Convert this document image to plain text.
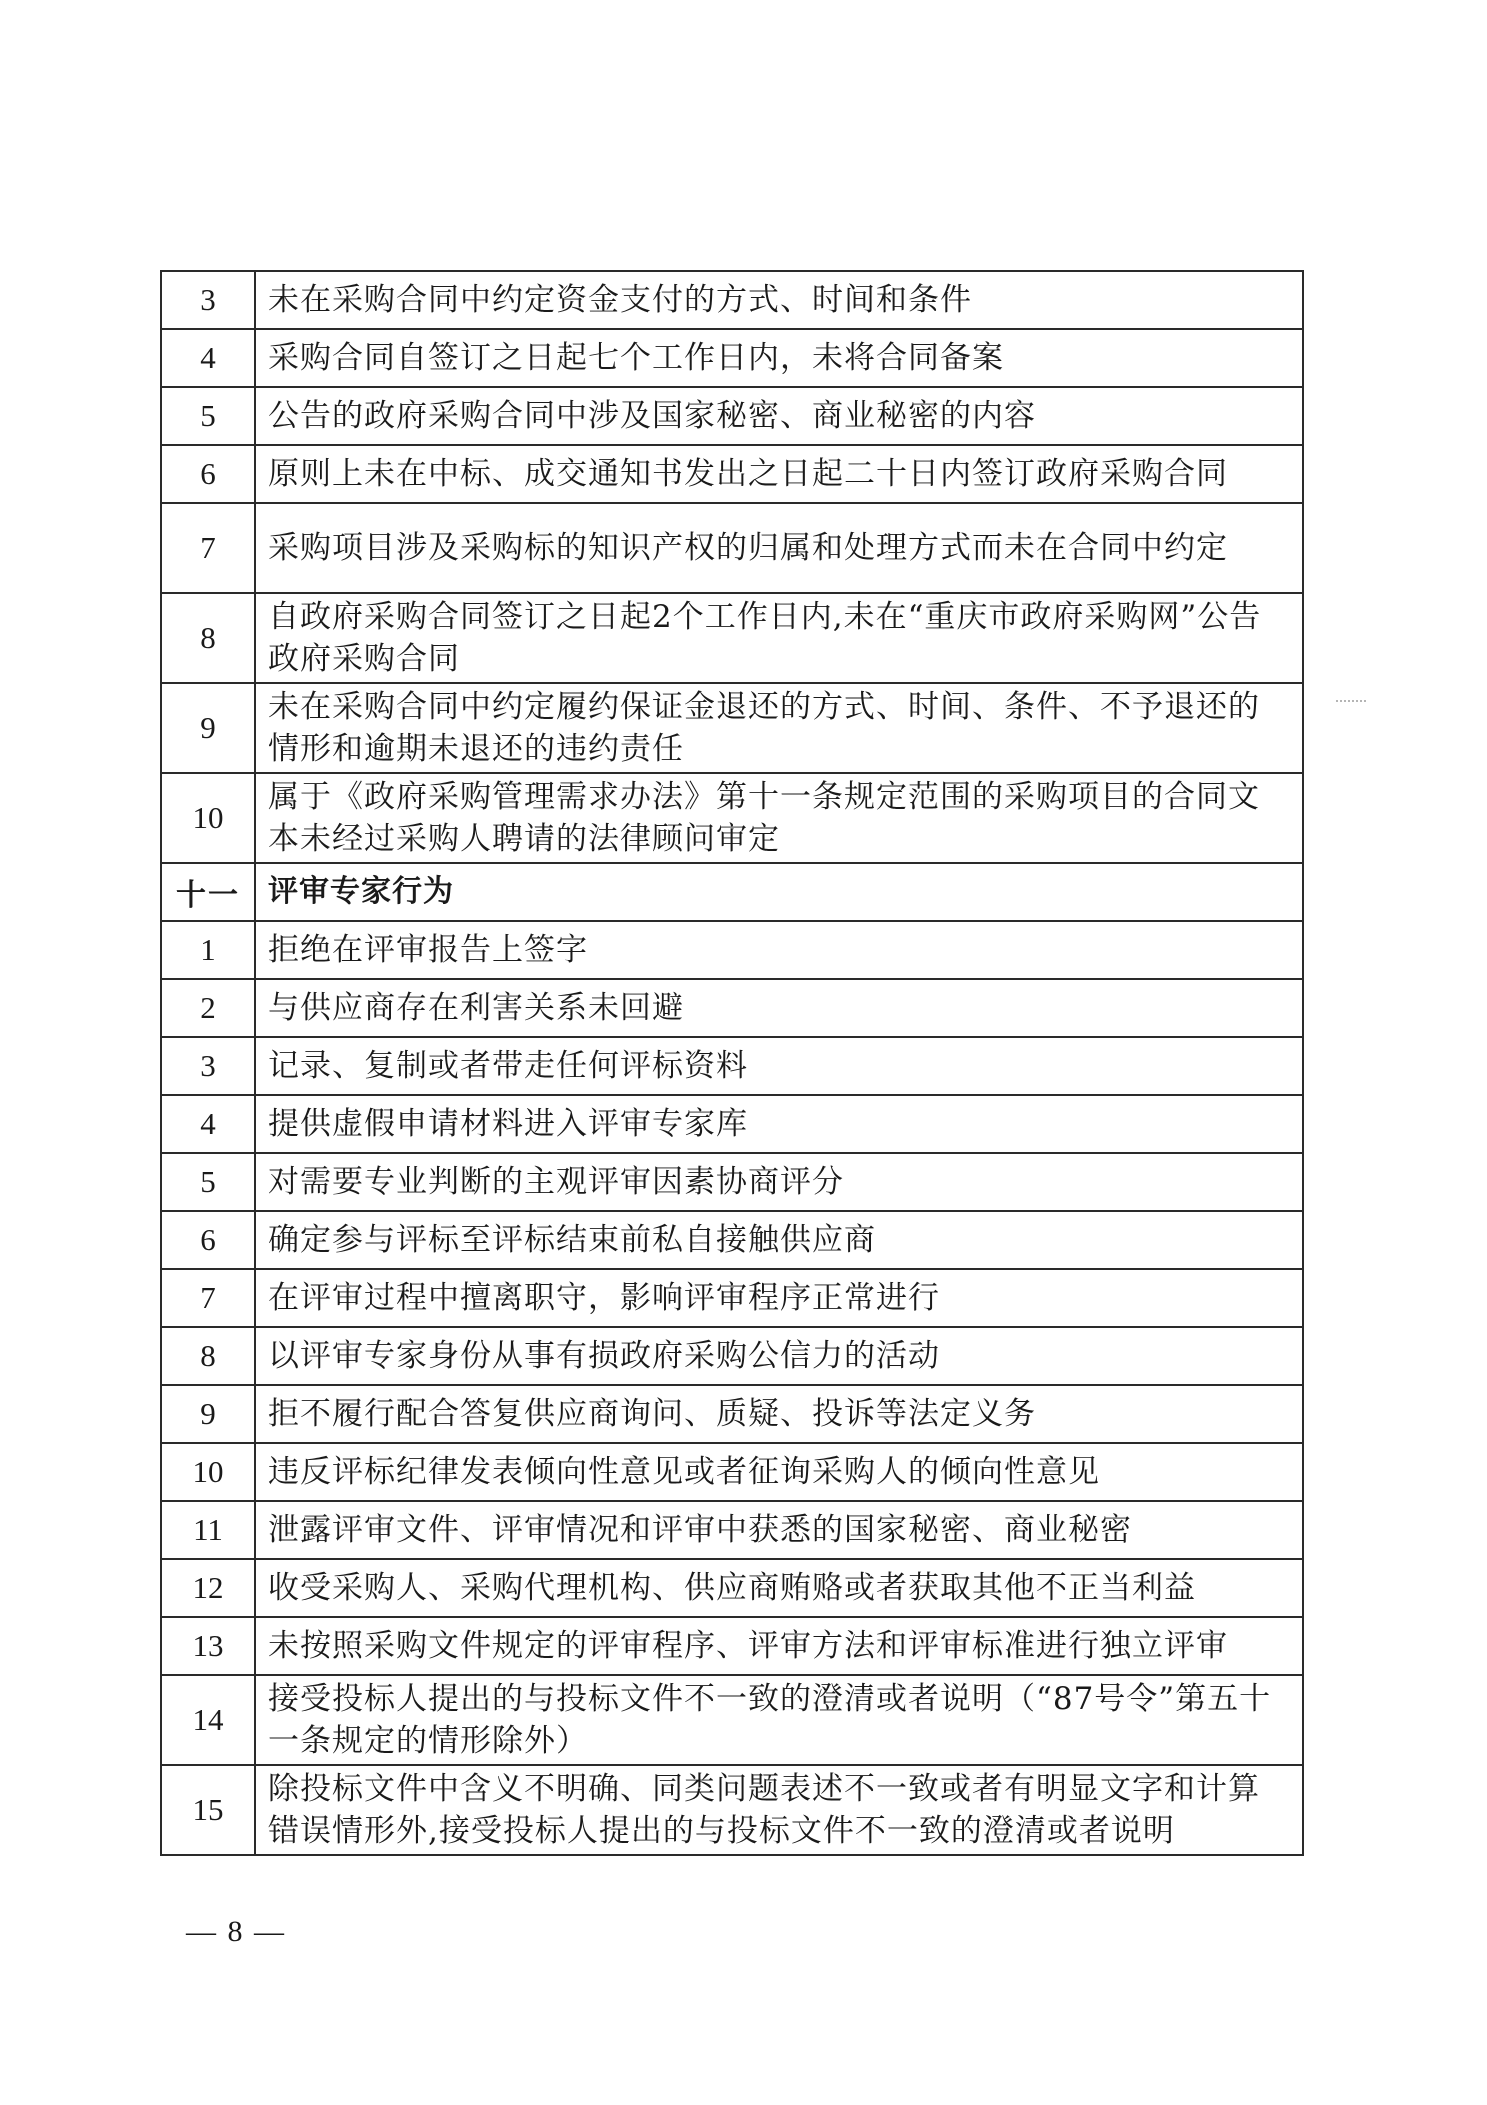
3	未在采购合同中约定资金支付的方式、时间和条件
4	采购合同自签订之日起七个工作日内，未将合同备案
5	公告的政府采购合同中涉及国家秘密、商业秘密的内容
6	原则上未在中标、成交通知书发出之日起二十日内签订政府采购合同
7	采购项目涉及采购标的知识产权的归属和处理方式而未在合同中约定
8	自政府采购合同签订之日起2个工作日内,未在“重庆市政府采购网”公告政府采购合同
9	未在采购合同中约定履约保证金退还的方式、时间、条件、不予退还的情形和逾期未退还的违约责任
10	属于《政府采购管理需求办法》第十一条规定范围的采购项目的合同文本未经过采购人聘请的法律顾问审定
十一	评审专家行为
1	拒绝在评审报告上签字
2	与供应商存在利害关系未回避
3	记录、复制或者带走任何评标资料
4	提供虚假申请材料进入评审专家库
5	对需要专业判断的主观评审因素协商评分
6	确定参与评标至评标结束前私自接触供应商
7	在评审过程中擅离职守，影响评审程序正常进行
8	以评审专家身份从事有损政府采购公信力的活动
9	拒不履行配合答复供应商询问、质疑、投诉等法定义务
10	违反评标纪律发表倾向性意见或者征询采购人的倾向性意见
11	泄露评审文件、评审情况和评审中获悉的国家秘密、商业秘密
12	收受采购人、采购代理机构、供应商贿赂或者获取其他不正当利益
13	未按照采购文件规定的评审程序、评审方法和评审标准进行独立评审
14	接受投标人提出的与投标文件不一致的澄清或者说明（“87号令”第五十一条规定的情形除外）
15	除投标文件中含义不明确、同类问题表述不一致或者有明显文字和计算错误情形外,接受投标人提出的与投标文件不一致的澄清或者说明
— 8 —
